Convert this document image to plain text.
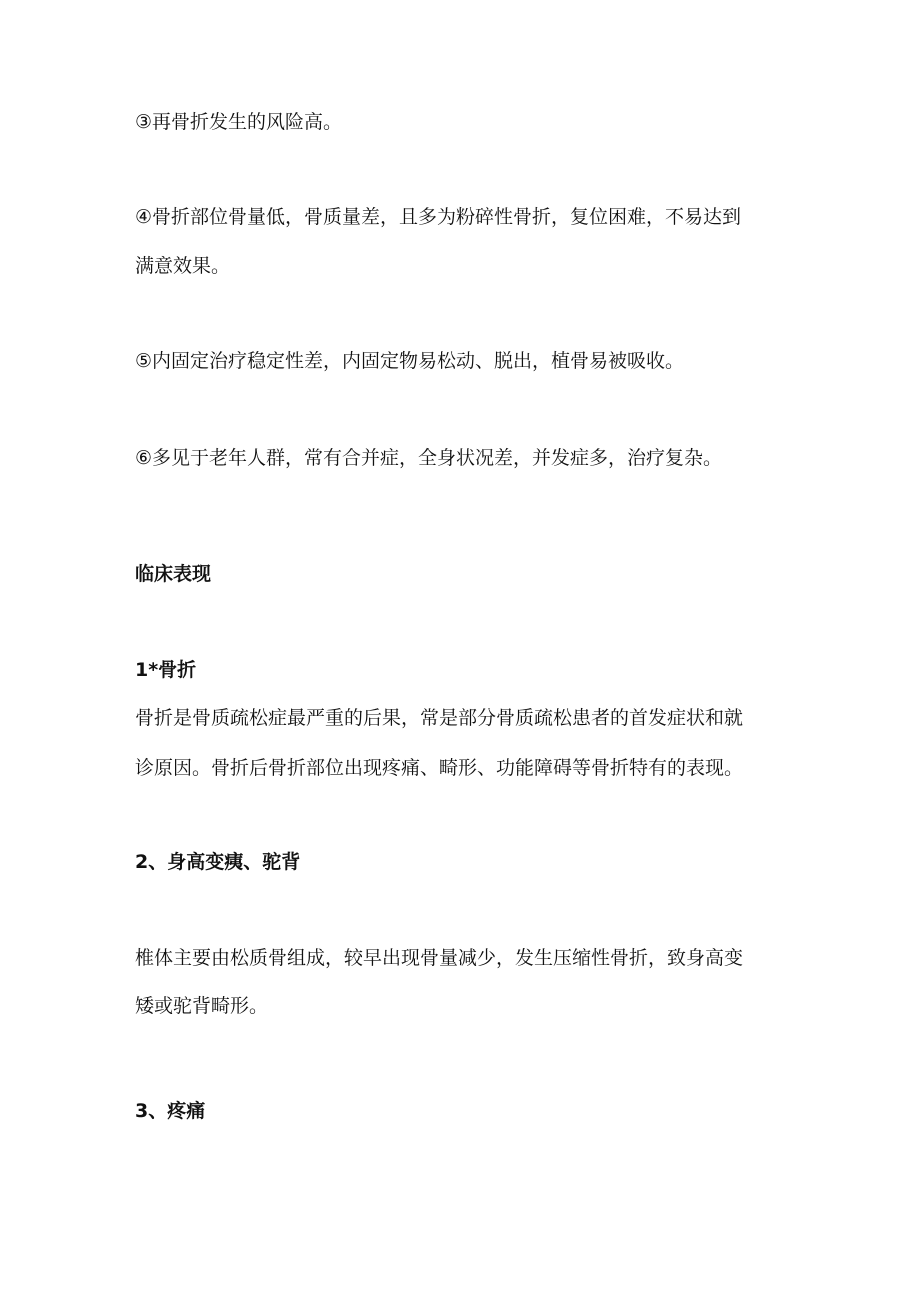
③再骨折发生的风险高。
④骨折部位骨量低，骨质量差，且多为粉碎性骨折，复位困难，不易达到
满意效果。
⑤内固定治疗稳定性差，内固定物易松动、脱出，植骨易被吸收。
⑥多见于老年人群，常有合并症，全身状况差，并发症多，治疗复杂。
临床表现
1*骨折
骨折是骨质疏松症最严重的后果，常是部分骨质疏松患者的首发症状和就
诊原因。骨折后骨折部位出现疼痛、畸形、功能障碍等骨折特有的表现。
2、身高变痍、驼背
椎体主要由松质骨组成，较早出现骨量减少，发生压缩性骨折，致身高变
矮或驼背畸形。
3、疼痛
